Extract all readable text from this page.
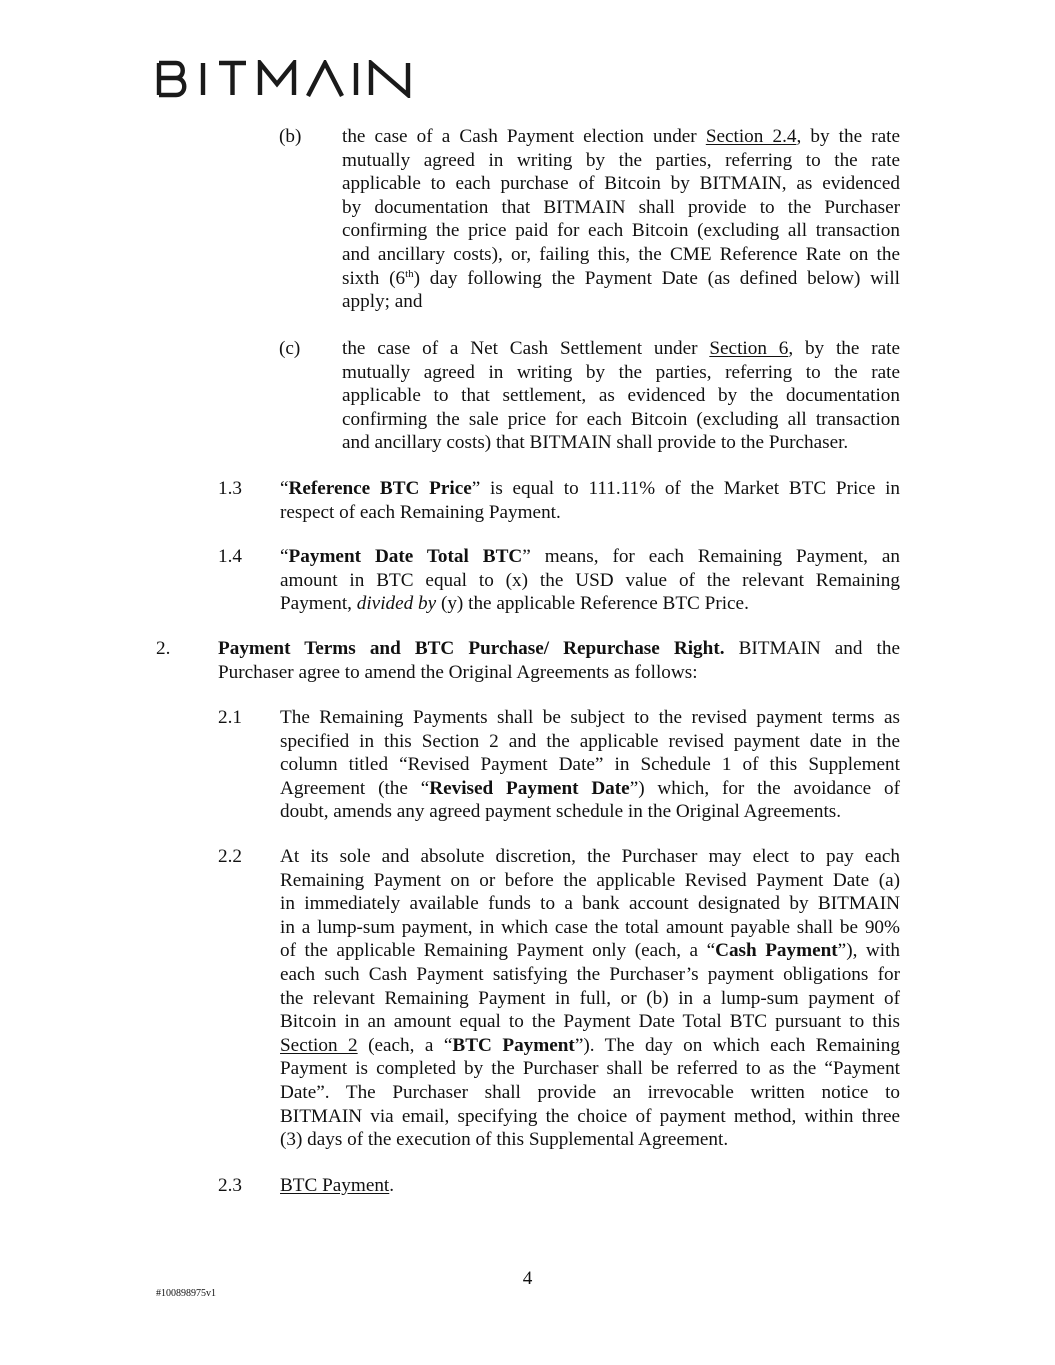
(b) the case of a Cash Payment election under Section 2.4, by the rate
mutually agreed in writing by the parties, referring to the rate
applicable to each purchase of Bitcoin by BITMAIN, as evidenced
by documentation that BITMAIN shall provide to the Purchaser
confirming the price paid for each Bitcoin (excluding all transaction
and ancillary costs), or, failing this, the CME Reference Rate on the
sixth (6th) day following the Payment Date (as defined below) will
apply; and
(c) the case of a Net Cash Settlement under Section 6, by the rate
mutually agreed in writing by the parties, referring to the rate
applicable to that settlement, as evidenced by the documentation
confirming the sale price for each Bitcoin (excluding all transaction
and ancillary costs) that BITMAIN shall provide to the Purchaser.
1.3 “Reference BTC Price” is equal to 111.11% of the Market BTC Price in
respect of each Remaining Payment.
1.4 “Payment Date Total BTC” means, for each Remaining Payment, an
amount in BTC equal to (x) the USD value of the relevant Remaining
Payment, divided by (y) the applicable Reference BTC Price.
2. Payment Terms and BTC Purchase/ Repurchase Right. BITMAIN and the
Purchaser agree to amend the Original Agreements as follows:
2.1 The Remaining Payments shall be subject to the revised payment terms as
specified in this Section 2 and the applicable revised payment date in the
column titled “Revised Payment Date” in Schedule 1 of this Supplement
Agreement (the “Revised Payment Date”) which, for the avoidance of
doubt, amends any agreed payment schedule in the Original Agreements.
2.2 At its sole and absolute discretion, the Purchaser may elect to pay each
Remaining Payment on or before the applicable Revised Payment Date (a)
in immediately available funds to a bank account designated by BITMAIN
in a lump-sum payment, in which case the total amount payable shall be 90%
of the applicable Remaining Payment only (each, a “Cash Payment”), with
each such Cash Payment satisfying the Purchaser’s payment obligations for
the relevant Remaining Payment in full, or (b) in a lump-sum payment of
Bitcoin in an amount equal to the Payment Date Total BTC pursuant to this
Section 2 (each, a “BTC Payment”). The day on which each Remaining
Payment is completed by the Purchaser shall be referred to as the “Payment
Date”. The Purchaser shall provide an irrevocable written notice to
BITMAIN via email, specifying the choice of payment method, within three
(3) days of the execution of this Supplemental Agreement.
2.3 BTC Payment.
4
#100898975v1
